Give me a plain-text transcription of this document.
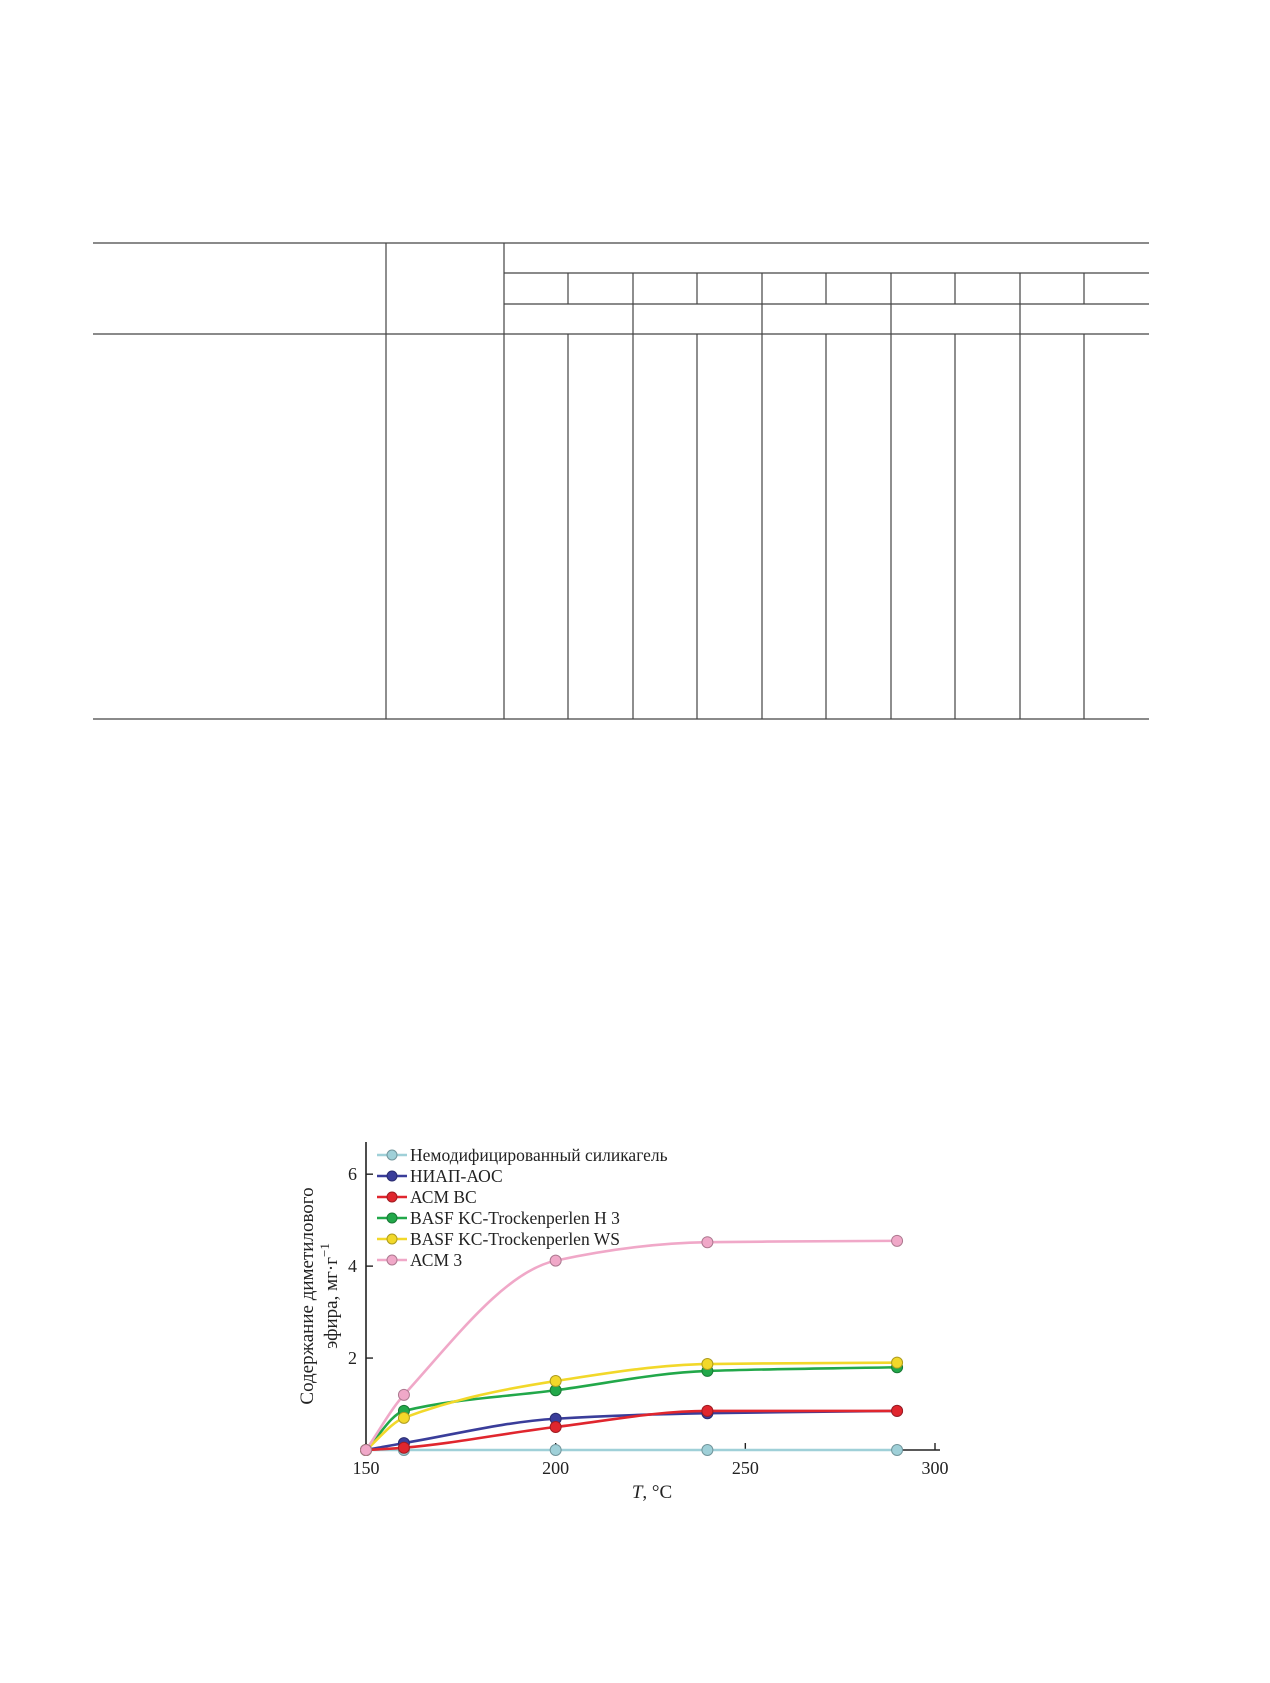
150	200	250	300
2
4
6
Немодифицированный силикагель
НИАП-АОС
АСМ ВС
BASF KC-Trockenperlen H 3
BASF KC-Trockenperlen WS
АСМ 3
T, °C
Содержание диметилового эфира, $мг\cdot г^{-1}$
